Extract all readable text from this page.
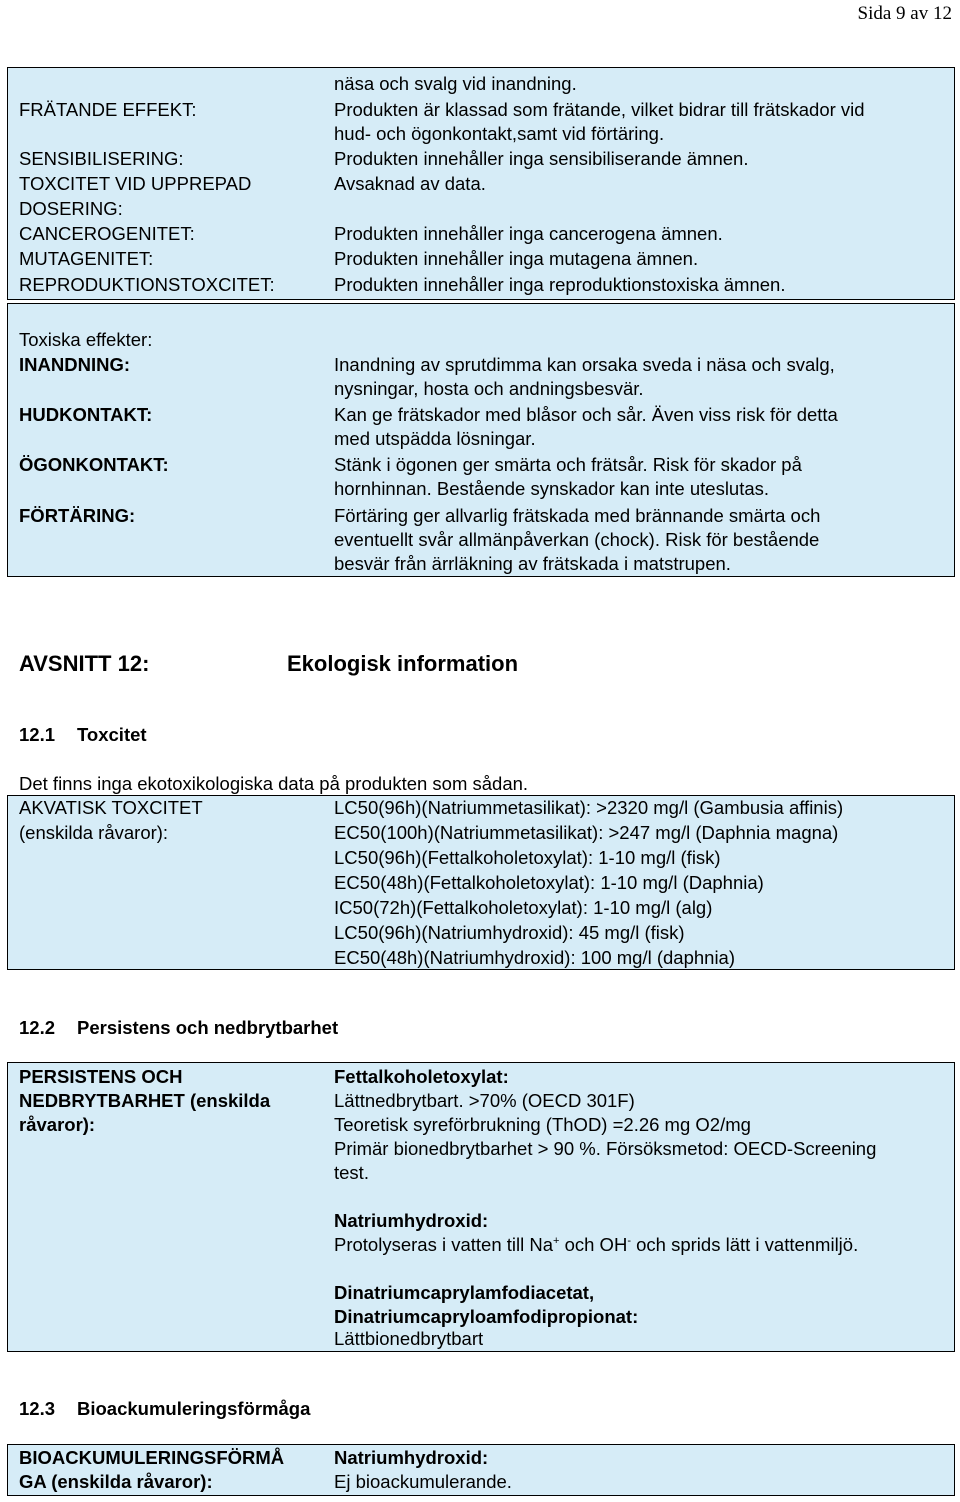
Sida 9 av 12
FRÄTANDE EFFEKT:
SENSIBILISERING:
TOXCITET VID UPPREPAD
DOSERING:
CANCEROGENITET:
MUTAGENITET:
REPRODUKTIONSTOXCITET:
näsa och svalg vid inandning.
Produkten är klassad som frätande, vilket bidrar till frätskador vid
hud- och ögonkontakt,samt vid förtäring.
Produkten innehåller inga sensibiliserande ämnen.
Avsaknad av data.
Produkten innehåller inga cancerogena ämnen.
Produkten innehåller inga mutagena ämnen.
Produkten innehåller inga reproduktionstoxiska ämnen.
Toxiska effekter:
INANDNING:
HUDKONTAKT:
ÖGONKONTAKT:
FÖRTÄRING:
Inandning av sprutdimma kan orsaka sveda i näsa och svalg,
nysningar, hosta och andningsbesvär.
Kan ge frätskador med blåsor och sår. Även viss risk för detta
med utspädda lösningar.
Stänk i ögonen ger smärta och frätsår. Risk för skador på
hornhinnan. Bestående synskador kan inte uteslutas.
Förtäring ger allvarlig frätskada med brännande smärta och
eventuellt svår allmänpåverkan (chock). Risk för bestående
besvär från ärrläkning av frätskada i matstrupen.
AVSNITT 12:	Ekologisk information
12.1 Toxcitet
Det finns inga ekotoxikologiska data på produkten som sådan.
AKVATISK TOXCITET
(enskilda råvaror):
LC50(96h)(Natriummetasilikat): >2320 mg/l (Gambusia affinis)
EC50(100h)(Natriummetasilikat): >247 mg/l (Daphnia magna)
LC50(96h)(Fettalkoholetoxylat): 1-10 mg/l (fisk)
EC50(48h)(Fettalkoholetoxylat): 1-10 mg/l (Daphnia)
IC50(72h)(Fettalkoholetoxylat): 1-10 mg/l (alg)
LC50(96h)(Natriumhydroxid): 45 mg/l (fisk)
EC50(48h)(Natriumhydroxid): 100 mg/l (daphnia)
12.2 Persistens och nedbrytbarhet
PERSISTENS OCH
NEDBRYTBARHET (enskilda
råvaror):
Fettalkoholetoxylat:
Lättnedbrytbart. >70% (OECD 301F)
Teoretisk syreförbrukning (ThOD) =2.26 mg O2/mg
Primär bionedbrytbarhet > 90 %. Försöksmetod: OECD-Screening
test.
Natriumhydroxid:
Protolyseras i vatten till Na+ och OH- och sprids lätt i vattenmiljö.
Dinatriumcaprylamfodiacetat,
Dinatriumcapryloamfodipropionat:
Lättbionedbrytbart
12.3 Bioackumuleringsförmåga
BIOACKUMULERINGSFÖRMÅ
GA (enskilda råvaror):
Natriumhydroxid:
Ej bioackumulerande.
